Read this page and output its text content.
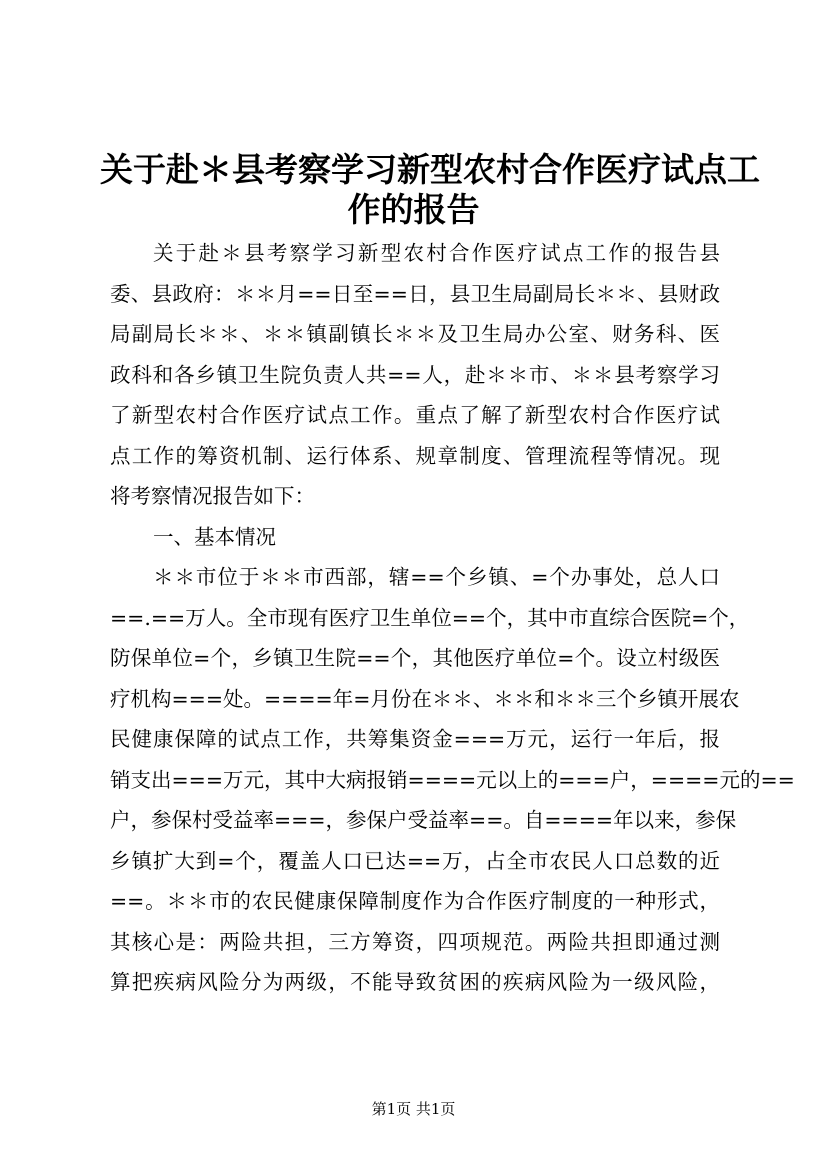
关于赴＊县考察学习新型农村合作医疗试点工
作的报告
关于赴＊县考察学习新型农村合作医疗试点工作的报告县
委、县政府：＊＊月==日至==日，县卫生局副局长＊＊、县财政
局副局长＊＊、＊＊镇副镇长＊＊及卫生局办公室、财务科、医
政科和各乡镇卫生院负责人共==人，赴＊＊市、＊＊县考察学习
了新型农村合作医疗试点工作。重点了解了新型农村合作医疗试
点工作的筹资机制、运行体系、规章制度、管理流程等情况。现
将考察情况报告如下：
一、基本情况
＊＊市位于＊＊市西部，辖==个乡镇、=个办事处，总人口
==.==万人。全市现有医疗卫生单位==个，其中市直综合医院=个，
防保单位=个，乡镇卫生院==个，其他医疗单位=个。设立村级医
疗机构===处。====年=月份在＊＊、＊＊和＊＊三个乡镇开展农
民健康保障的试点工作，共筹集资金===万元，运行一年后，报
销支出===万元，其中大病报销====元以上的===户，====元的==
户，参保村受益率===，参保户受益率==。自====年以来，参保
乡镇扩大到=个，覆盖人口已达==万，占全市农民人口总数的近
==。＊＊市的农民健康保障制度作为合作医疗制度的一种形式，
其核心是：两险共担，三方筹资，四项规范。两险共担即通过测
算把疾病风险分为两级，不能导致贫困的疾病风险为一级风险，
第1页 共1页
